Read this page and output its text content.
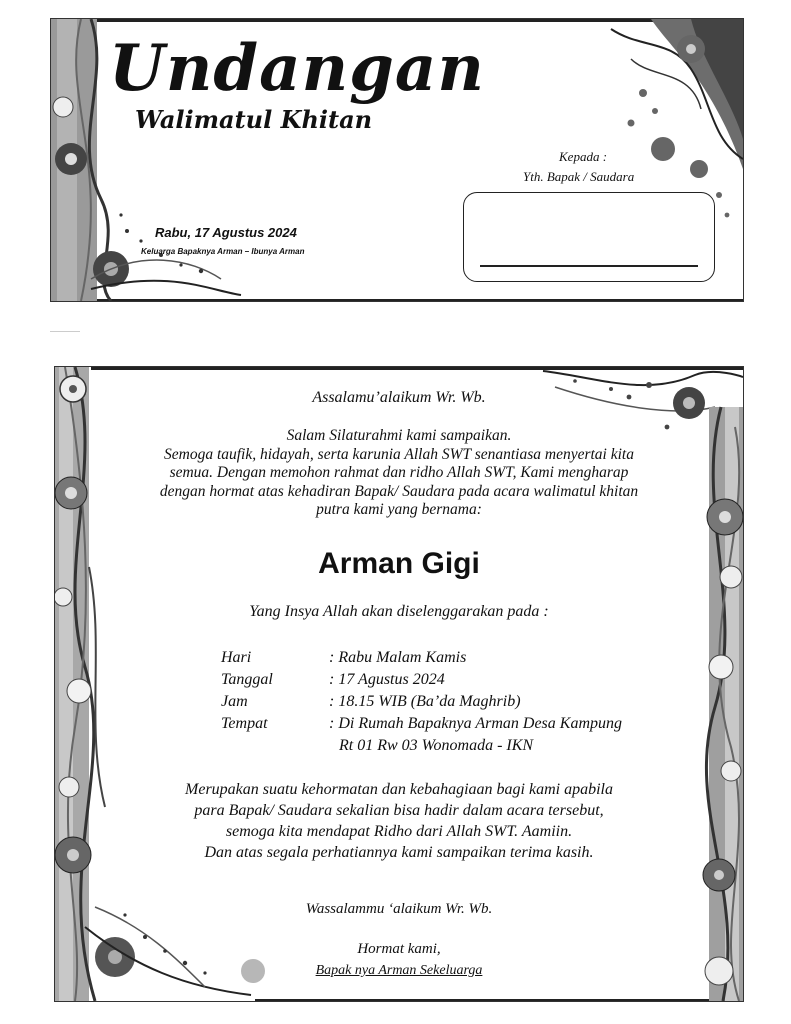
Undangan
Walimatul Khitan
Rabu, 17 Agustus 2024
Keluarga Bapaknya Arman – Ibunya Arman
Kepada :
Yth. Bapak / Saudara
Assalamu’alaikum Wr. Wb.
Salam Silaturahmi kami sampaikan.
Semoga taufik, hidayah, serta karunia Allah SWT senantiasa menyertai kita
semua. Dengan memohon rahmat dan ridho Allah SWT, Kami mengharap
dengan hormat atas kehadiran Bapak/ Saudara pada acara walimatul khitan
putra kami yang bernama:
Arman Gigi
Yang Insya Allah akan diselenggarakan pada :
Hari	: Rabu Malam Kamis
Tanggal	: 17 Agustus 2024
Jam	: 18.15 WIB (Ba’da Maghrib)
Tempat	: Di Rumah Bapaknya Arman Desa Kampung
Rt 01 Rw 03 Wonomada - IKN
Merupakan suatu kehormatan dan kebahagiaan bagi kami apabila
para Bapak/ Saudara sekalian bisa hadir dalam acara tersebut,
semoga kita mendapat Ridho dari Allah SWT. Aamiin.
Dan atas segala perhatiannya kami sampaikan terima kasih.
Wassalammu ‘alaikum Wr. Wb.
Hormat kami,
Bapak nya Arman Sekeluarga
